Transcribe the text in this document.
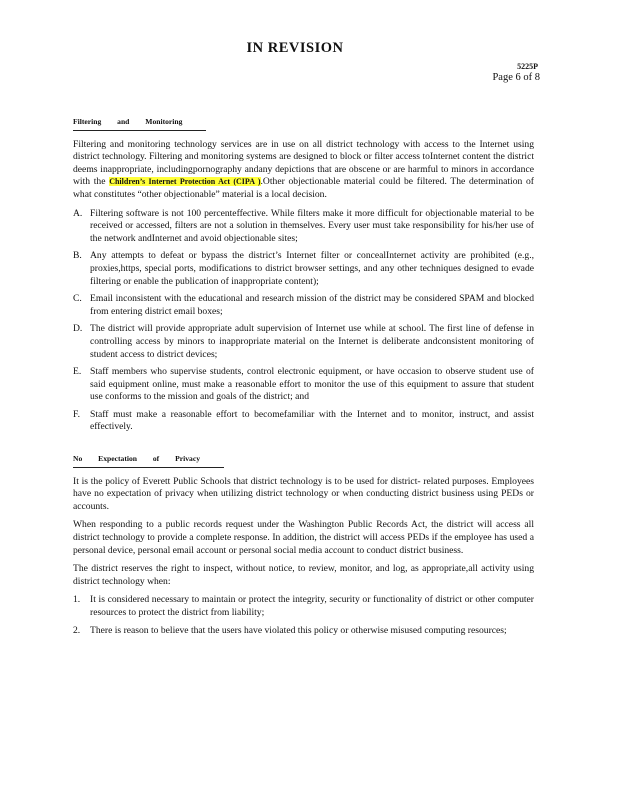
IN REVISION
5225P
Page 6 of 8
Filtering and Monitoring

Filtering and monitoring technology services are in use on all district technology with access to the Internet using district technology. Filtering and monitoring systems are designed to block or filter access toInternet content the district deems inappropriate, includingpornography andany depictions that are obscene or are harmful to minors in accordance with the Children’s Internet Protection Act (CIPA ).Other objectionable material could be filtered. The determination of what constitutes “other objectionable” material is a local decision.

A. Filtering software is not 100 percenteffective. While filters make it more difficult for objectionable material to be received or accessed, filters are not a solution in themselves. Every user must take responsibility for his/her use of the network andInternet and avoid objectionable sites;
B. Any attempts to defeat or bypass the district’s Internet filter or concealInternet activity are prohibited (e.g., proxies,https, special ports, modifications to district browser settings, and any other techniques designed to evade filtering or enable the publication of inappropriate content);
C. Email inconsistent with the educational and research mission of the district may be considered SPAM and blocked from entering district email boxes;
D. The district will provide appropriate adult supervision of Internet use while at school. The first line of defense in controlling access by minors to inappropriate material on the Internet is deliberate andconsistent monitoring of student access to district devices;
E. Staff members who supervise students, control electronic equipment, or have occasion to observe student use of said equipment online, must make a reasonable effort to monitor the use of this equipment to assure that student use conforms to the mission and goals of the district; and
F. Staff must make a reasonable effort to becomefamiliar with the Internet and to monitor, instruct, and assist effectively.
No Expectation of Privacy

It is the policy of Everett Public Schools that district technology is to be used for district- related purposes. Employees have no expectation of privacy when utilizing district technology or when conducting district business using PEDs or accounts.

When responding to a public records request under the Washington Public Records Act, the district will access all district technology to provide a complete response. In addition, the district will access PEDs if the employee has used a personal device, personal email account or personal social media account to conduct district business.

The district reserves the right to inspect, without notice, to review, monitor, and log, as appropriate,all activity using district technology when:

1. It is considered necessary to maintain or protect the integrity, security or functionality of district or other computer resources to protect the district from liability;
2. There is reason to believe that the users have violated this policy or otherwise misused computing resources;
